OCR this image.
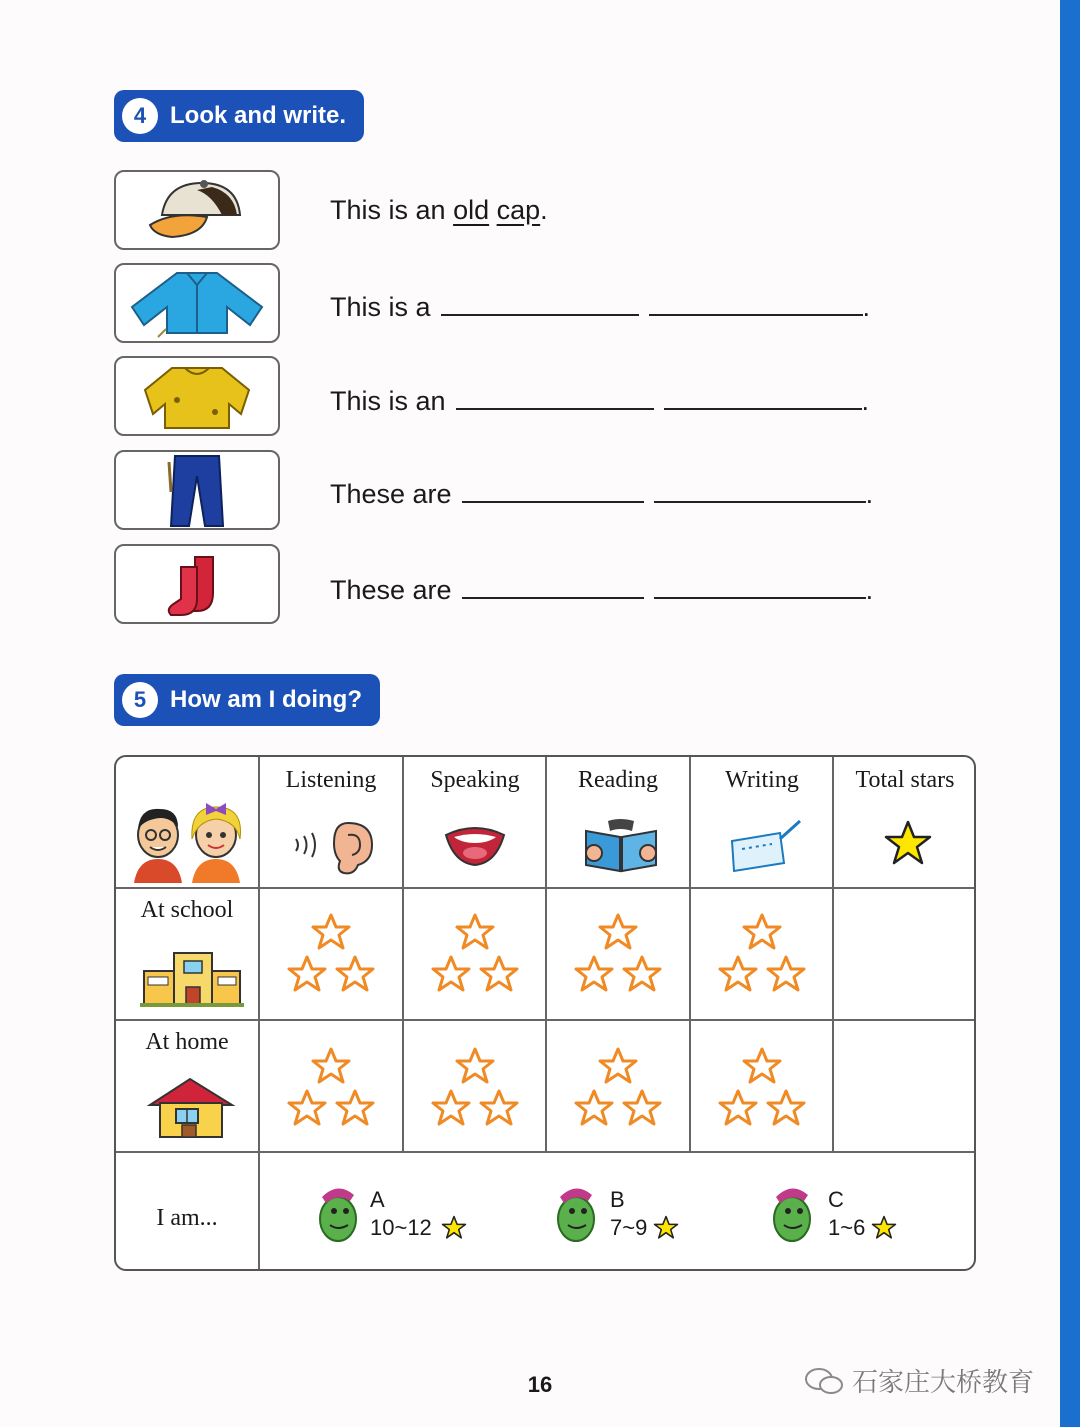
4 Look and write.
This is an
old
cap .
This is a	.
This is an	.
These are	.
These are	.
5 How am I doing?
Listening	Speaking	Reading	Writing	Total stars
At school
At home
I am...
A
10~12
B
7~9
C
1~6
16	石家庄大桥教育
